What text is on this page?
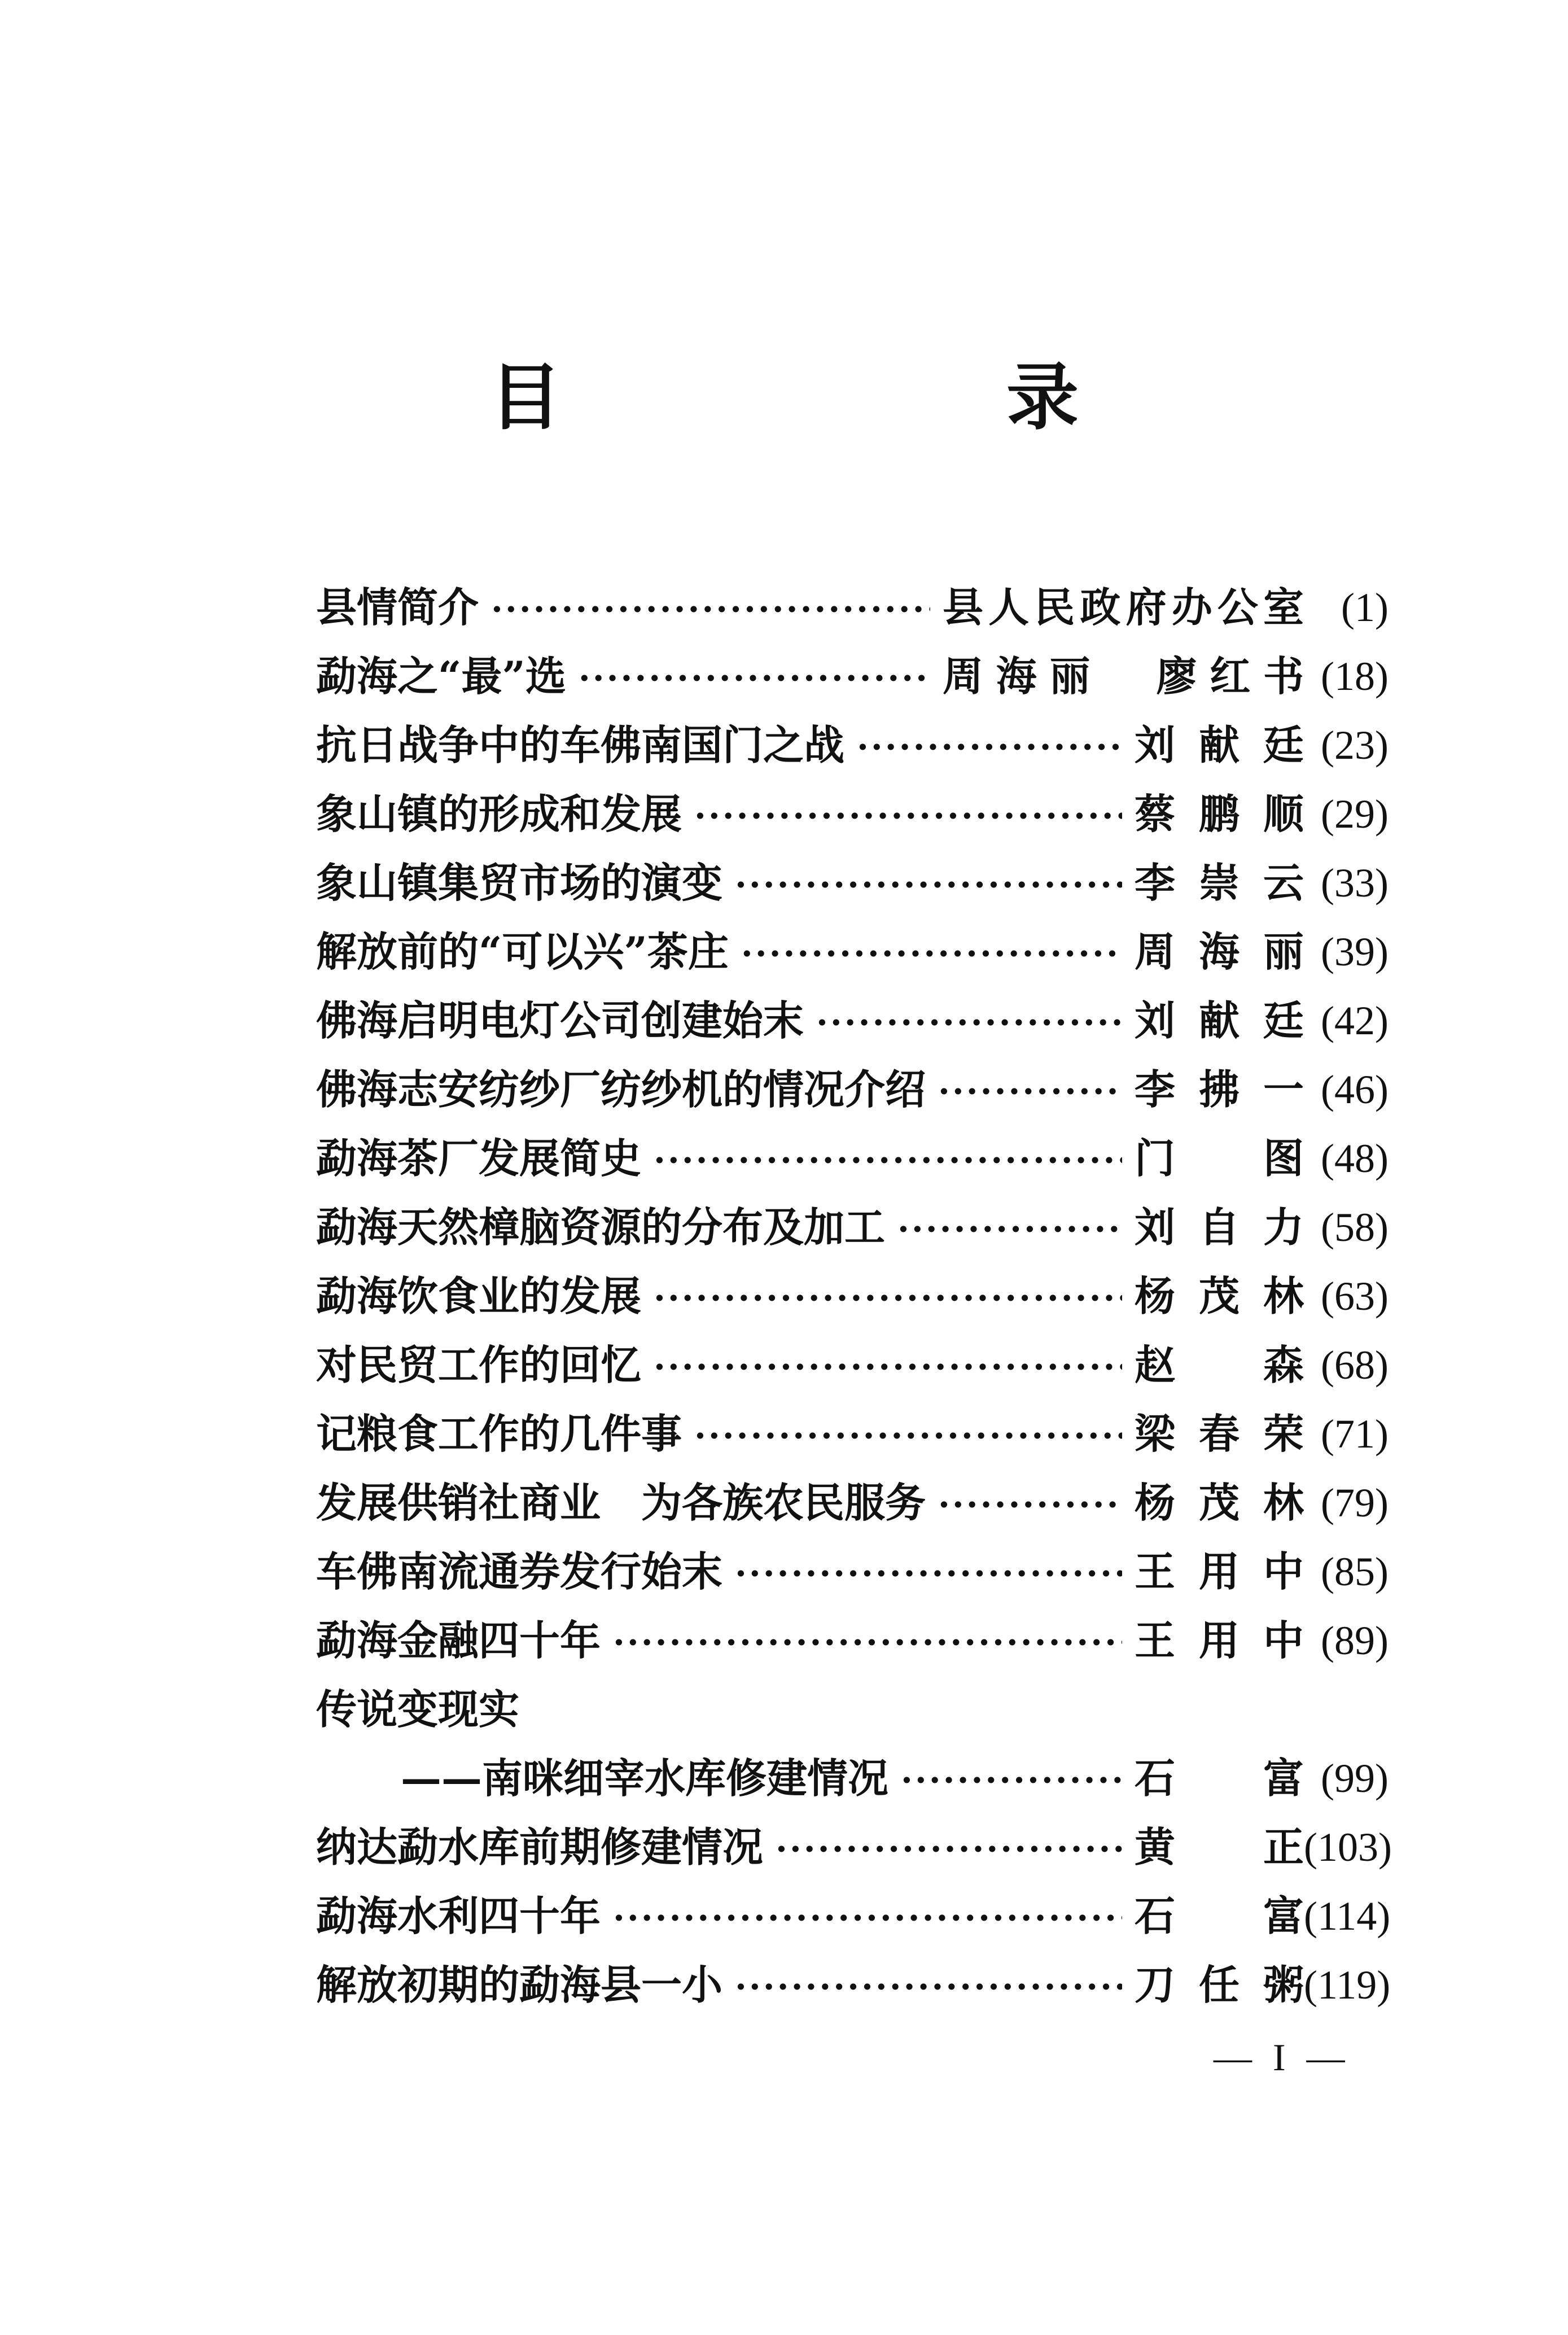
目　录
县情简介 ·····	县人民政府办公室 (1)
勐海之“最”选 ·····	周海丽　廖红书 (18)
抗日战争中的车佛南国门之战 ·····	刘献廷 (23)
象山镇的形成和发展 ·····	蔡鹏顺 (29)
象山镇集贸市场的演变 ·····	李崇云 (33)
解放前的“可以兴”茶庄 ·····	周海丽 (39)
佛海启明电灯公司创建始末 ·····	刘献廷 (42)
佛海志安纺纱厂纺纱机的情况介绍 ·····	李拂一 (46)
勐海茶厂发展简史 ·····	门　图 (48)
勐海天然樟脑资源的分布及加工 ·····	刘自力 (58)
勐海饮食业的发展 ·····	杨茂林 (63)
对民贸工作的回忆 ·····	赵　森 (68)
记粮食工作的几件事 ·····	梁春荣 (71)
发展供销社商业　为各族农民服务 ·····	杨茂林 (79)
车佛南流通券发行始末 ·····	王用中 (85)
勐海金融四十年 ·····	王用中 (89)
传说变现实
——南咪细宰水库修建情况 ·····	石　富 (99)
纳达勐水库前期修建情况 ·····	黄　正 (103)
勐海水利四十年 ·····	石　富 (114)
解放初期的勐海县一小 ·····	刀任粥 (119)
— I —
